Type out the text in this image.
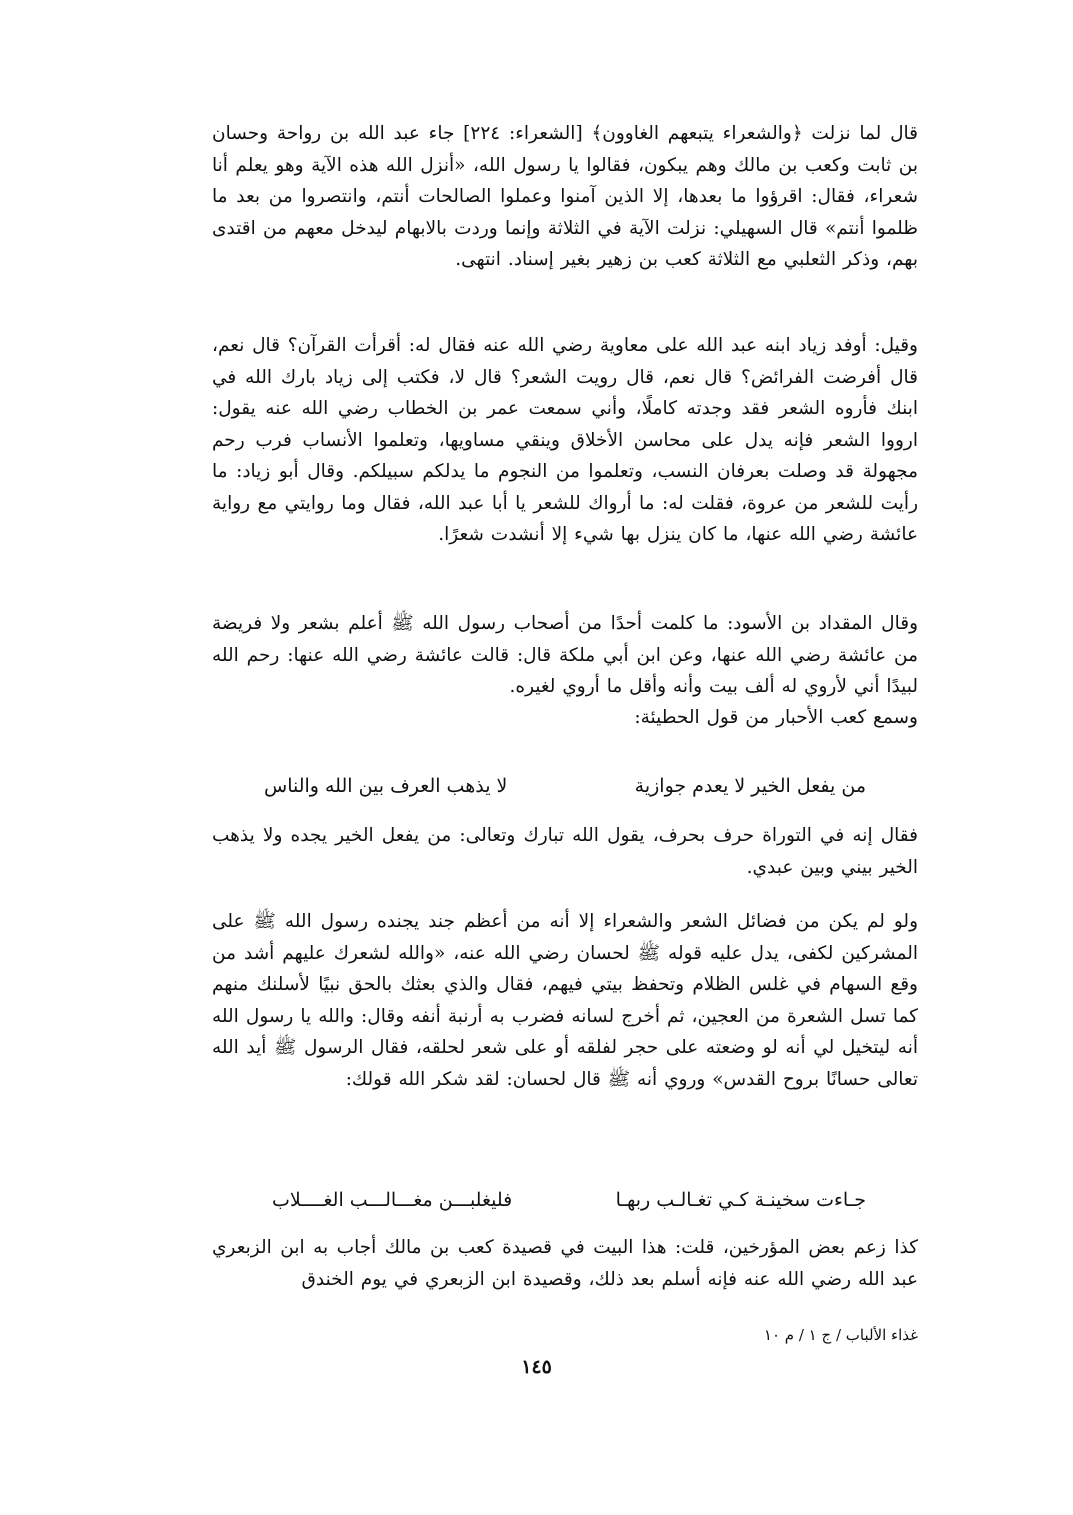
قال لما نزلت ﴿والشعراء يتبعهم الغاوون﴾ [الشعراء: ٢٢٤] جاء عبد الله بن رواحة وحسان بن ثابت وكعب بن مالك وهم يبكون، فقالوا يا رسول الله، «أنزل الله هذه الآية وهو يعلم أنا شعراء، فقال: اقرؤوا ما بعدها، إلا الذين آمنوا وعملوا الصالحات أنتم، وانتصروا من بعد ما ظلموا أنتم» قال السهيلي: نزلت الآية في الثلاثة وإنما وردت بالابهام ليدخل معهم من اقتدى بهم، وذكر الثعلبي مع الثلاثة كعب بن زهير بغير إسناد. انتهى.

وقيل: أوفد زياد ابنه عبد الله على معاوية رضي الله عنه فقال له: أقرأت القرآن؟ قال نعم، قال أفرضت الفرائض؟ قال نعم، قال رويت الشعر؟ قال لا، فكتب إلى زياد بارك الله في ابنك فأروه الشعر فقد وجدته كاملًا، وأني سمعت عمر بن الخطاب رضي الله عنه يقول: ارووا الشعر فإنه يدل على محاسن الأخلاق وينقي مساويها، وتعلموا الأنساب فرب رحم مجهولة قد وصلت بعرفان النسب، وتعلموا من النجوم ما يدلكم سبيلكم. وقال أبو زياد: ما رأيت للشعر من عروة، فقلت له: ما أرواك للشعر يا أبا عبد الله، فقال وما روايتي مع رواية عائشة رضي الله عنها، ما كان ينزل بها شيء إلا أنشدت شعرًا.

وقال المقداد بن الأسود: ما كلمت أحدًا من أصحاب رسول الله ﷺ أعلم بشعر ولا فريضة من عائشة رضي الله عنها، وعن ابن أبي ملكة قال: قالت عائشة رضي الله عنها: رحم الله لبيدًا أني لأروي له ألف بيت وأنه وأقل ما أروي لغيره.

وسمع كعب الأحبار من قول الحطيئة:

من يفعل الخير لا يعدم جوازية
لا يذهب العرف بين الله والناس

فقال إنه في التوراة حرف بحرف، يقول الله تبارك وتعالى: من يفعل الخير يجده ولا يذهب الخير بيني وبين عبدي.

ولو لم يكن من فضائل الشعر والشعراء إلا أنه من أعظم جند يجنده رسول الله ﷺ على المشركين لكفى، يدل عليه قوله ﷺ لحسان رضي الله عنه، «والله لشعرك عليهم أشد من وقع السهام في غلس الظلام وتحفظ بيتي فيهم، فقال والذي بعثك بالحق نبيًا لأسلنك منهم كما تسل الشعرة من العجين، ثم أخرج لسانه فضرب به أرنبة أنفه وقال: والله يا رسول الله أنه ليتخيل لي أنه لو وضعته على حجر لفلقه أو على شعر لحلقه، فقال الرسول ﷺ أيد الله تعالى حسانًا بروح القدس» وروي أنه ﷺ قال لحسان: لقد شكر الله قولك:

جـاءت سخينـة كـي تغـالـب ربهـا
فليغلبـــن مغـــالـــب الغــــلاب

كذا زعم بعض المؤرخين، قلت: هذا البيت في قصيدة كعب بن مالك أجاب به ابن الزبعري عبد الله رضي الله عنه فإنه أسلم بعد ذلك، وقصيدة ابن الزبعري في يوم الخندق

غذاء الألباب / ج ١ / م ١٠
١٤٥
